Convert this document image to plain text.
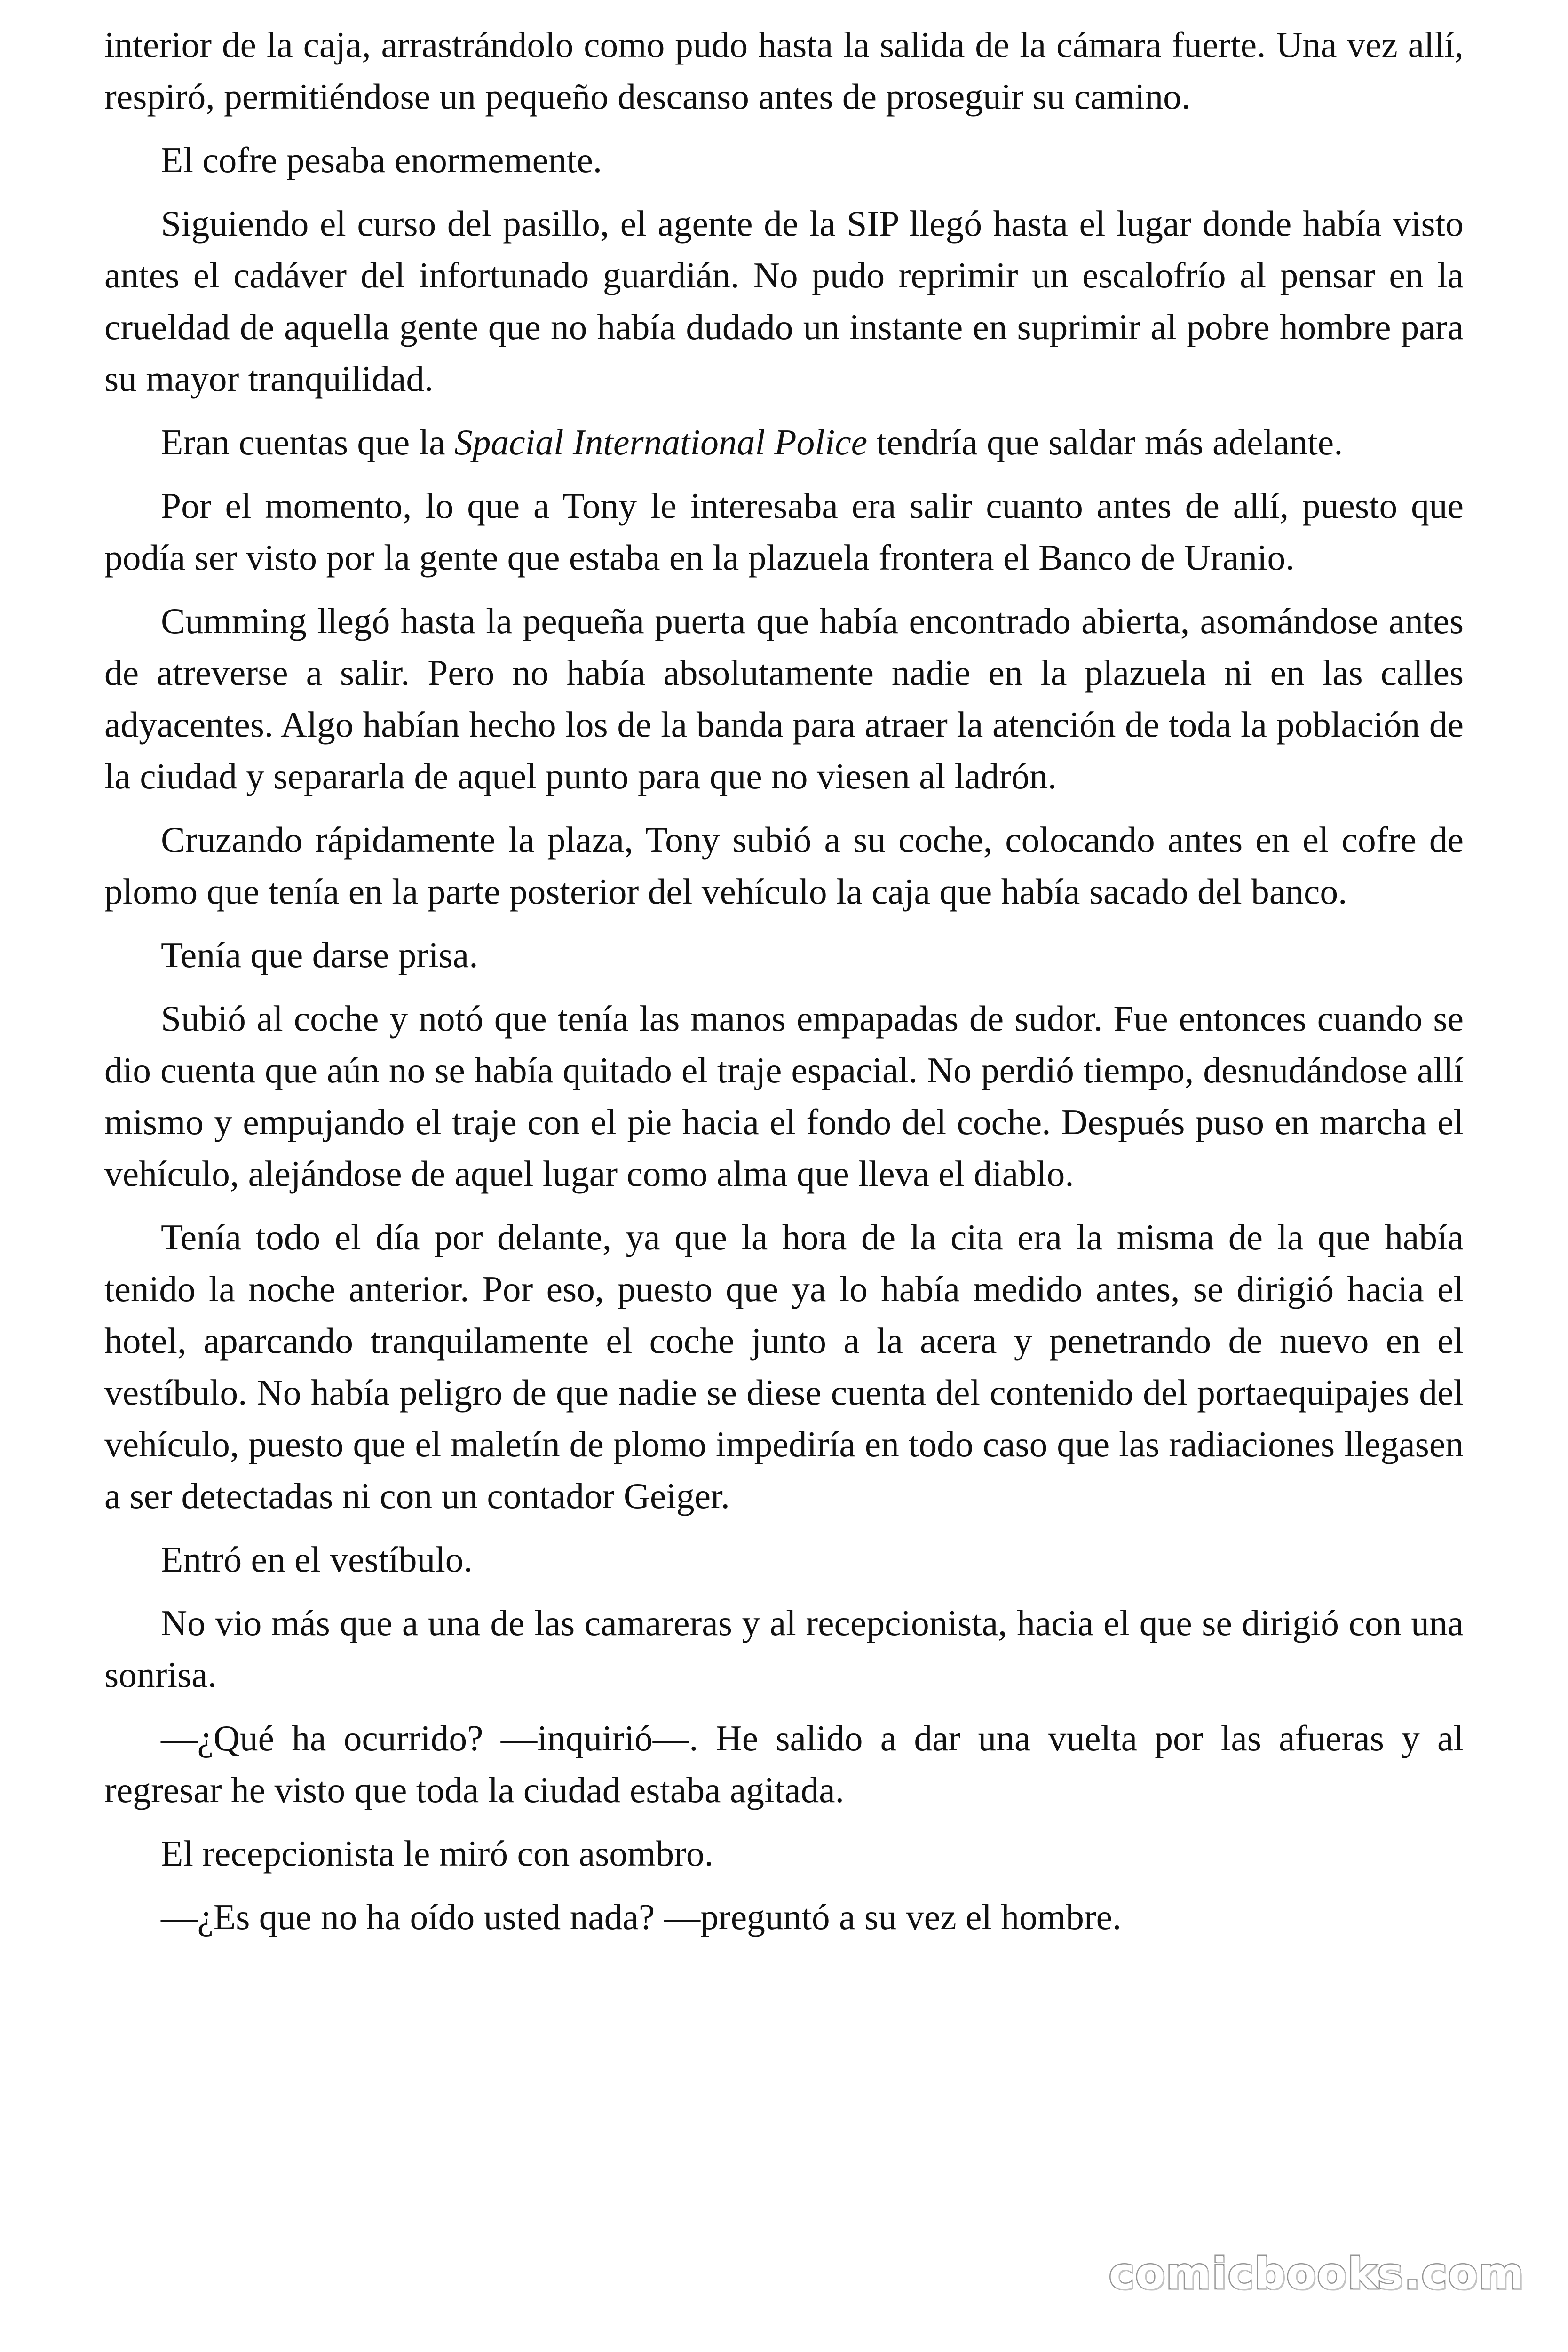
interior de la caja, arrastrándolo como pudo hasta la salida de la cámara fuerte. Una vez allí, respiró, permitiéndose un pequeño descanso antes de proseguir su camino.

El cofre pesaba enormemente.

Siguiendo el curso del pasillo, el agente de la SIP llegó hasta el lugar donde había visto antes el cadáver del infortunado guardián. No pudo reprimir un escalofrío al pensar en la crueldad de aquella gente que no había dudado un instante en suprimir al pobre hombre para su mayor tranquilidad.

Eran cuentas que la Spacial International Police tendría que saldar más adelante.

Por el momento, lo que a Tony le interesaba era salir cuanto antes de allí, puesto que podía ser visto por la gente que estaba en la plazuela frontera el Banco de Uranio.

Cumming llegó hasta la pequeña puerta que había encontrado abierta, asomándose antes de atreverse a salir. Pero no había absolutamente nadie en la plazuela ni en las calles adyacentes. Algo habían hecho los de la banda para atraer la atención de toda la población de la ciudad y separarla de aquel punto para que no viesen al ladrón.

Cruzando rápidamente la plaza, Tony subió a su coche, colocando antes en el cofre de plomo que tenía en la parte posterior del vehículo la caja que había sacado del banco.

Tenía que darse prisa.

Subió al coche y notó que tenía las manos empapadas de sudor. Fue entonces cuando se dio cuenta que aún no se había quitado el traje espacial. No perdió tiempo, desnudándose allí mismo y empujando el traje con el pie hacia el fondo del coche. Después puso en marcha el vehículo, alejándose de aquel lugar como alma que lleva el diablo.

Tenía todo el día por delante, ya que la hora de la cita era la misma de la que había tenido la noche anterior. Por eso, puesto que ya lo había medido antes, se dirigió hacia el hotel, aparcando tranquilamente el coche junto a la acera y penetrando de nuevo en el vestíbulo. No había peligro de que nadie se diese cuenta del contenido del portaequipajes del vehículo, puesto que el maletín de plomo impediría en todo caso que las radiaciones llegasen a ser detectadas ni con un contador Geiger.

Entró en el vestíbulo.

No vio más que a una de las camareras y al recepcionista, hacia el que se dirigió con una sonrisa.

—¿Qué ha ocurrido? —inquirió—. He salido a dar una vuelta por las afueras y al regresar he visto que toda la ciudad estaba agitada.

El recepcionista le miró con asombro.

—¿Es que no ha oído usted nada? —preguntó a su vez el hombre.

comicbooks.com
